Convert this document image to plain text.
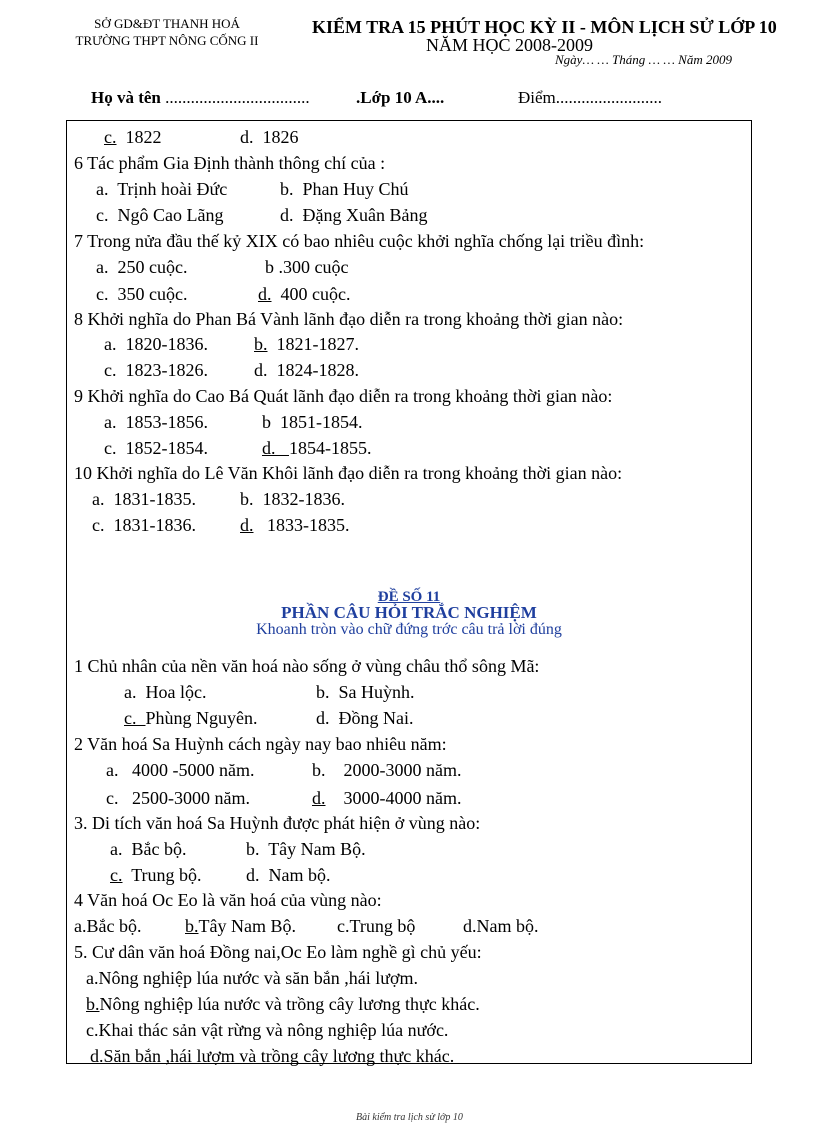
SỞ GD&ĐT THANH HOÁ
TRƯỜNG THPT NÔNG CỐNG II
KIỂM TRA 15 PHÚT HỌC KỲ II - MÔN LỊCH SỬ LỚP 10
NĂM HỌC 2008-2009
Ngày… … Tháng … … Năm 2009
Họ và tên ..................................	.Lớp 10 A....	Điểm.........................
c. 1822	d. 1826
6 Tác phẩm Gia Định thành thông chí của :
a. Trịnh hoài Đức	b. Phan Huy Chú
c. Ngô Cao Lãng	d. Đặng Xuân Bảng
7 Trong nửa đầu thế kỷ XIX có bao nhiêu cuộc khởi nghĩa chống lại triều đình:
a. 250 cuộc.	b .300 cuộc
c. 350 cuộc.	d. 400 cuộc.
8 Khởi nghĩa do Phan Bá Vành lãnh đạo diễn ra trong khoảng thời gian nào:
a. 1820-1836.	b. 1821-1827.
c. 1823-1826.	d. 1824-1828.
9 Khởi nghĩa do Cao Bá Quát lãnh đạo diễn ra trong khoảng thời gian nào:
a. 1853-1856.	b 1851-1854.
c. 1852-1854.	d. 1854-1855.
10 Khởi nghĩa do Lê Văn Khôi lãnh đạo diễn ra trong khoảng thời gian nào:
a. 1831-1835. b. 1832-1836.
c. 1831-1836. d. 1833-1835.
ĐỀ SỐ 11
PHẦN CÂU HỎI TRẮC NGHIỆM
Khoanh tròn vào chữ đứng trớc câu trả lời đúng
1 Chủ nhân của nền văn hoá nào sống ở vùng châu thổ sông Mã:
a. Hoa lộc.	b. Sa Huỳnh.
c. Phùng Nguyên.	d. Đồng Nai.
2 Văn hoá Sa Huỳnh cách ngày nay bao nhiêu năm:
a. 4000 -5000 năm.	b. 2000-3000 năm.
c. 2500-3000 năm.	d. 3000-4000 năm.
3. Di tích văn hoá Sa Huỳnh được phát hiện ở vùng nào:
a. Bắc bộ.	b. Tây Nam Bộ.
c. Trung bộ. d. Nam bộ.
4 Văn hoá Oc Eo là văn hoá của vùng nào:
a.Bắc bộ. b.Tây Nam Bộ. c.Trung bộ	d.Nam bộ.
5. Cư dân văn hoá Đồng nai,Oc Eo làm nghề gì chủ yếu:
a.Nông nghiệp lúa nước và săn bắn ,hái lượm.
b.Nông nghiệp lúa nước và trồng cây lương thực khác.
c.Khai thác sản vật rừng và nông nghiệp lúa nước.
d.Săn bắn ,hái lượm và trồng cây lương thực khác.
Bài kiểm tra lịch sử lớp 10
